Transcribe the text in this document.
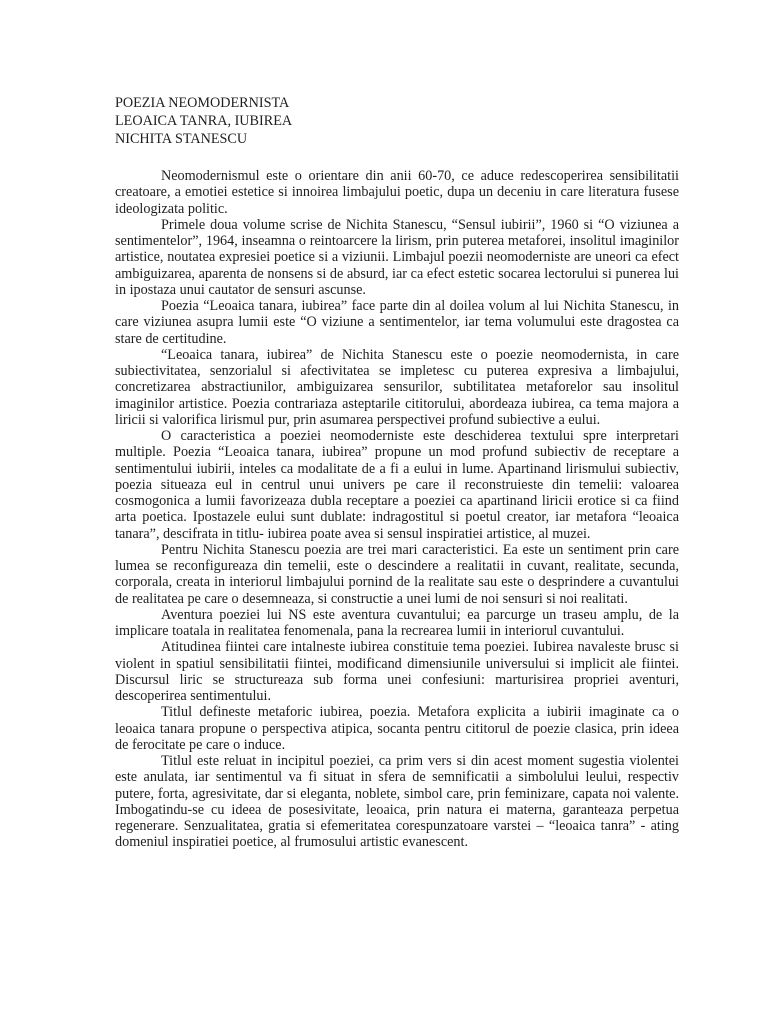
POEZIA NEOMODERNISTA
LEOAICA TANRA, IUBIREA
NICHITA STANESCU

Neomodernismul este o orientare din anii 60-70, ce aduce redescoperirea sensibilitatii creatoare, a emotiei estetice si innoirea limbajului poetic, dupa un deceniu in care literatura fusese ideologizata politic.

Primele doua volume scrise de Nichita Stanescu, “Sensul iubirii”, 1960 si “O viziunea a sentimentelor”, 1964, inseamna o reintoarcere la lirism, prin puterea metaforei, insolitul imaginilor artistice, noutatea expresiei poetice si a viziunii. Limbajul poezii neomoderniste are uneori ca efect ambiguizarea, aparenta de nonsens si de absurd, iar ca efect estetic socarea lectorului si punerea lui in ipostaza unui cautator de sensuri ascunse.

Poezia “Leoaica tanara, iubirea” face parte din al doilea volum al lui Nichita Stanescu, in care viziunea asupra lumii este “O viziune a sentimentelor, iar tema volumului este dragostea ca stare de certitudine.

“Leoaica tanara, iubirea” de Nichita Stanescu este o poezie neomodernista, in care subiectivitatea, senzorialul si afectivitatea se impletesc cu puterea expresiva a limbajului, concretizarea abstractiunilor, ambiguizarea sensurilor, subtilitatea metaforelor sau insolitul imaginilor artistice. Poezia contrariaza asteptarile cititorului, abordeaza iubirea, ca tema majora a liricii si valorifica lirismul pur, prin asumarea perspectivei profund subiective a eului.

O caracteristica a poeziei neomoderniste este deschiderea textului spre interpretari multiple. Poezia “Leoaica tanara, iubirea” propune un mod profund subiectiv de receptare a sentimentului iubirii, inteles ca modalitate de a fi a eului in lume. Apartinand lirismului subiectiv, poezia situeaza eul in centrul unui univers pe care il reconstruieste din temelii: valoarea cosmogonica a lumii favorizeaza dubla receptare a poeziei ca apartinand liricii erotice si ca fiind arta poetica. Ipostazele eului sunt dublate: indragostitul si poetul creator, iar metafora “leoaica tanara”, descifrata in titlu- iubirea poate avea si sensul inspiratiei artistice, al muzei.

Pentru Nichita Stanescu poezia are trei mari caracteristici. Ea este un sentiment prin care lumea se reconfigureaza din temelii, este o descindere a realitatii in cuvant, realitate, secunda, corporala, creata in interiorul limbajului pornind de la realitate sau este o desprindere a cuvantului de realitatea pe care o desemneaza, si constructie a unei lumi de noi sensuri si noi realitati.

Aventura poeziei lui NS este aventura cuvantului; ea parcurge un traseu amplu, de la implicare toatala in realitatea fenomenala, pana la recrearea lumii in interiorul cuvantului.

Atitudinea fiintei care intalneste iubirea constituie tema poeziei. Iubirea navaleste brusc si violent in spatiul sensibilitatii fiintei, modificand dimensiunile universului si implicit ale fiintei. Discursul liric se structureaza sub forma unei confesiuni: marturisirea propriei aventuri, descoperirea sentimentului.

Titlul defineste metaforic iubirea, poezia. Metafora explicita a iubirii imaginate ca o leoaica tanara propune o perspectiva atipica, socanta pentru cititorul de poezie clasica, prin ideea de ferocitate pe care o induce.

Titlul este reluat in incipitul poeziei, ca prim vers si din acest moment sugestia violentei este anulata, iar sentimentul va fi situat in sfera de semnificatii a simbolului leului, respectiv putere, forta, agresivitate, dar si eleganta, noblete, simbol care, prin feminizare, capata noi valente. Imbogatindu-se cu ideea de posesivitate, leoaica, prin natura ei materna, garanteaza perpetua regenerare. Senzualitatea, gratia si efemeritatea corespunzatoare varstei – “leoaica tanra” - ating domeniul inspiratiei poetice, al frumosului artistic evanescent.
